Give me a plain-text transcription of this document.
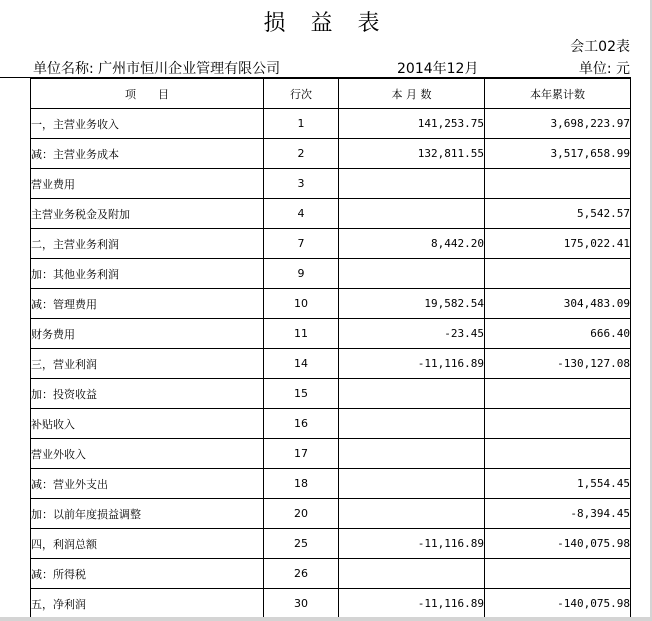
损 益 表
会工02表
单位名称: 广州市恒川企业管理有限公司	2014年12月	单位: 元
项　　目	行次	本 月 数	本年累计数
一，主营业务收入	1	141,253.75	3,698,223.97
减：主营业务成本	2	132,811.55	3,517,658.99
营业费用	3		
主营业务税金及附加	4		5,542.57
二，主营业务利润	7	8,442.20	175,022.41
加：其他业务利润	9		
减：管理费用	10	19,582.54	304,483.09
财务费用	11	-23.45	666.40
三，营业利润	14	-11,116.89	-130,127.08
加：投资收益	15		
补贴收入	16		
营业外收入	17		
减：营业外支出	18		1,554.45
加：以前年度损益调整	20		-8,394.45
四，利润总额	25	-11,116.89	-140,075.98
减：所得税	26		
五，净利润	30	-11,116.89	-140,075.98
